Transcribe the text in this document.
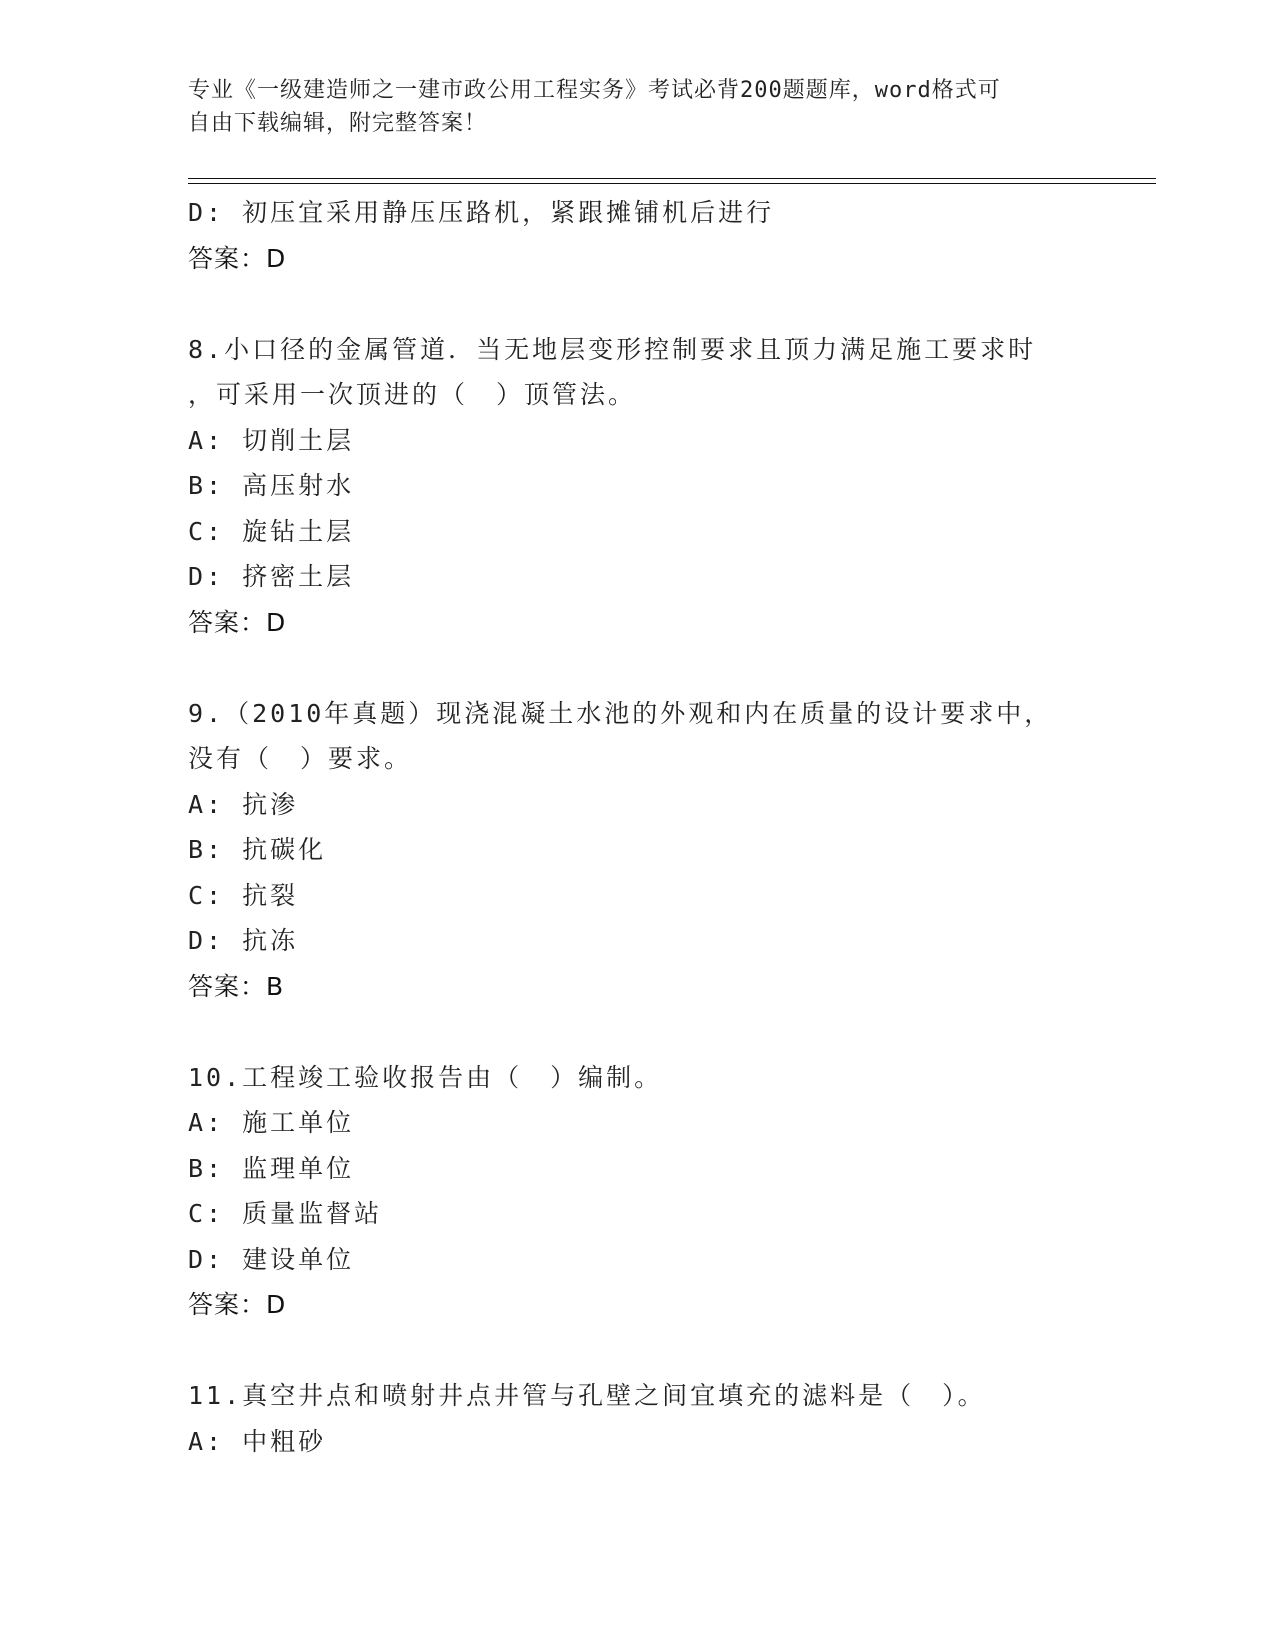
专业《一级建造师之一建市政公用工程实务》考试必背200题题库，word格式可
自由下载编辑，附完整答案！
D: 初压宜采用静压压路机，紧跟摊铺机后进行
答案：D
8.小口径的金属管道．当无地层变形控制要求且顶力满足施工要求时
，可采用一次顶进的（　）顶管法。
A: 切削土层
B: 高压射水
C: 旋钻土层
D: 挤密土层
答案：D
9.（2010年真题）现浇混凝土水池的外观和内在质量的设计要求中，
没有（　）要求。
A: 抗渗
B: 抗碳化
C: 抗裂
D: 抗冻
答案：B
10.工程竣工验收报告由（　）编制。
A: 施工单位
B: 监理单位
C: 质量监督站
D: 建设单位
答案：D
11.真空井点和喷射井点井管与孔壁之间宜填充的滤料是（　）。
A: 中粗砂
